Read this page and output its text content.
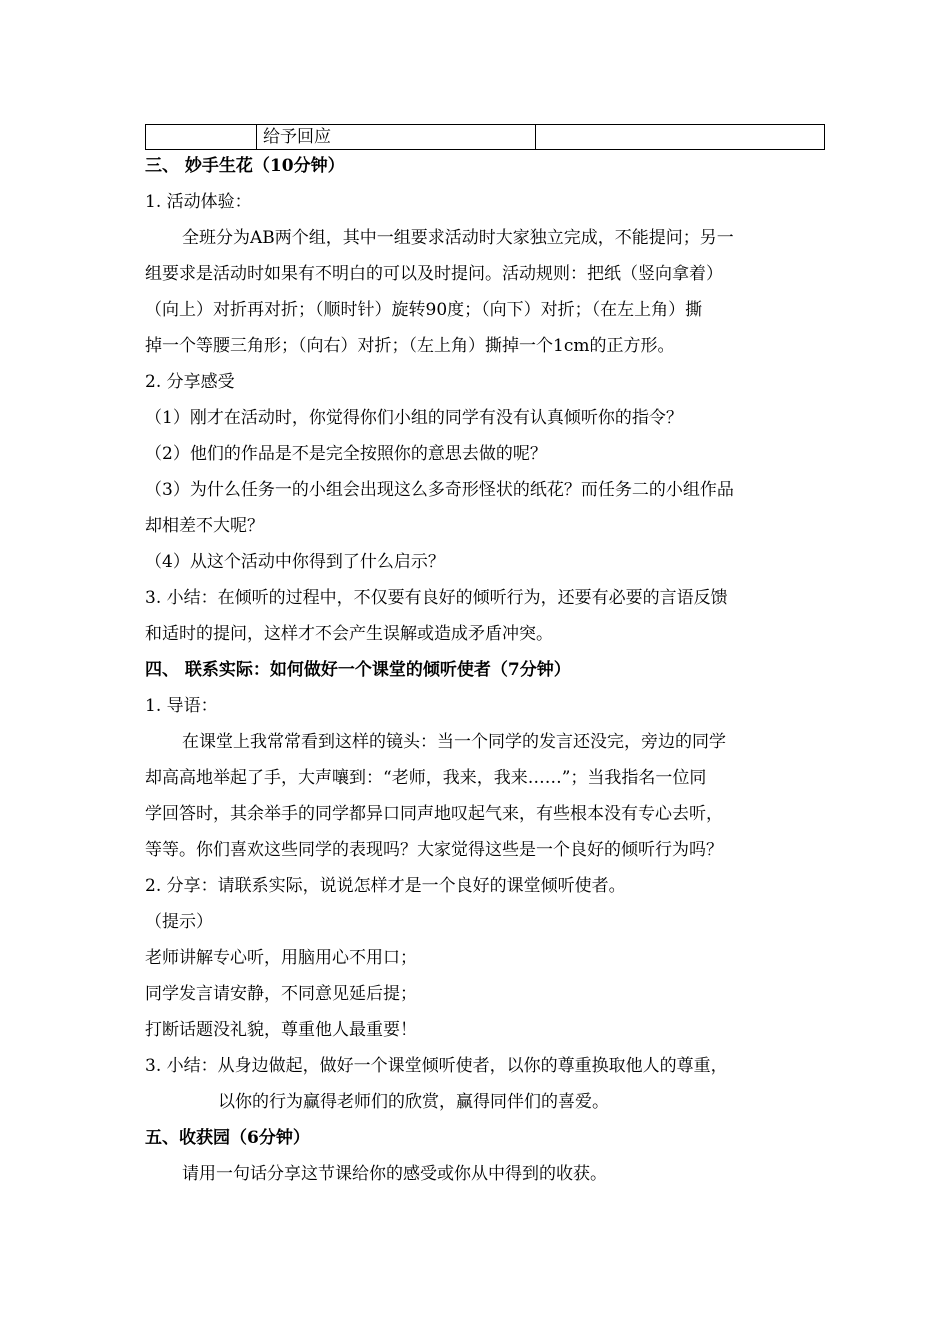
	给予回应	
三、 妙手生花（10分钟）
1. 活动体验：
全班分为AB两个组，其中一组要求活动时大家独立完成，不能提问；另一
组要求是活动时如果有不明白的可以及时提问。活动规则：把纸（竖向拿着）
（向上）对折再对折；（顺时针）旋转90度；（向下）对折；（在左上角）撕
掉一个等腰三角形；（向右）对折；（左上角）撕掉一个1cm的正方形。
2. 分享感受
（1）刚才在活动时，你觉得你们小组的同学有没有认真倾听你的指令？
（2）他们的作品是不是完全按照你的意思去做的呢？
（3）为什么任务一的小组会出现这么多奇形怪状的纸花？而任务二的小组作品
却相差不大呢？
（4）从这个活动中你得到了什么启示？
3. 小结：在倾听的过程中，不仅要有良好的倾听行为，还要有必要的言语反馈
和适时的提问，这样才不会产生误解或造成矛盾冲突。
四、 联系实际：如何做好一个课堂的倾听使者（7分钟）
1. 导语：
在课堂上我常常看到这样的镜头：当一个同学的发言还没完，旁边的同学
却高高地举起了手，大声嚷到：“老师，我来，我来……”；当我指名一位同
学回答时，其余举手的同学都异口同声地叹起气来，有些根本没有专心去听，
等等。你们喜欢这些同学的表现吗？大家觉得这些是一个良好的倾听行为吗？
2. 分享：请联系实际，说说怎样才是一个良好的课堂倾听使者。
（提示）
老师讲解专心听，用脑用心不用口；
同学发言请安静，不同意见延后提；
打断话题没礼貌，尊重他人最重要！
3. 小结：从身边做起，做好一个课堂倾听使者，以你的尊重换取他人的尊重，
以你的行为赢得老师们的欣赏，赢得同伴们的喜爱。
五、收获园（6分钟）
请用一句话分享这节课给你的感受或你从中得到的收获。
